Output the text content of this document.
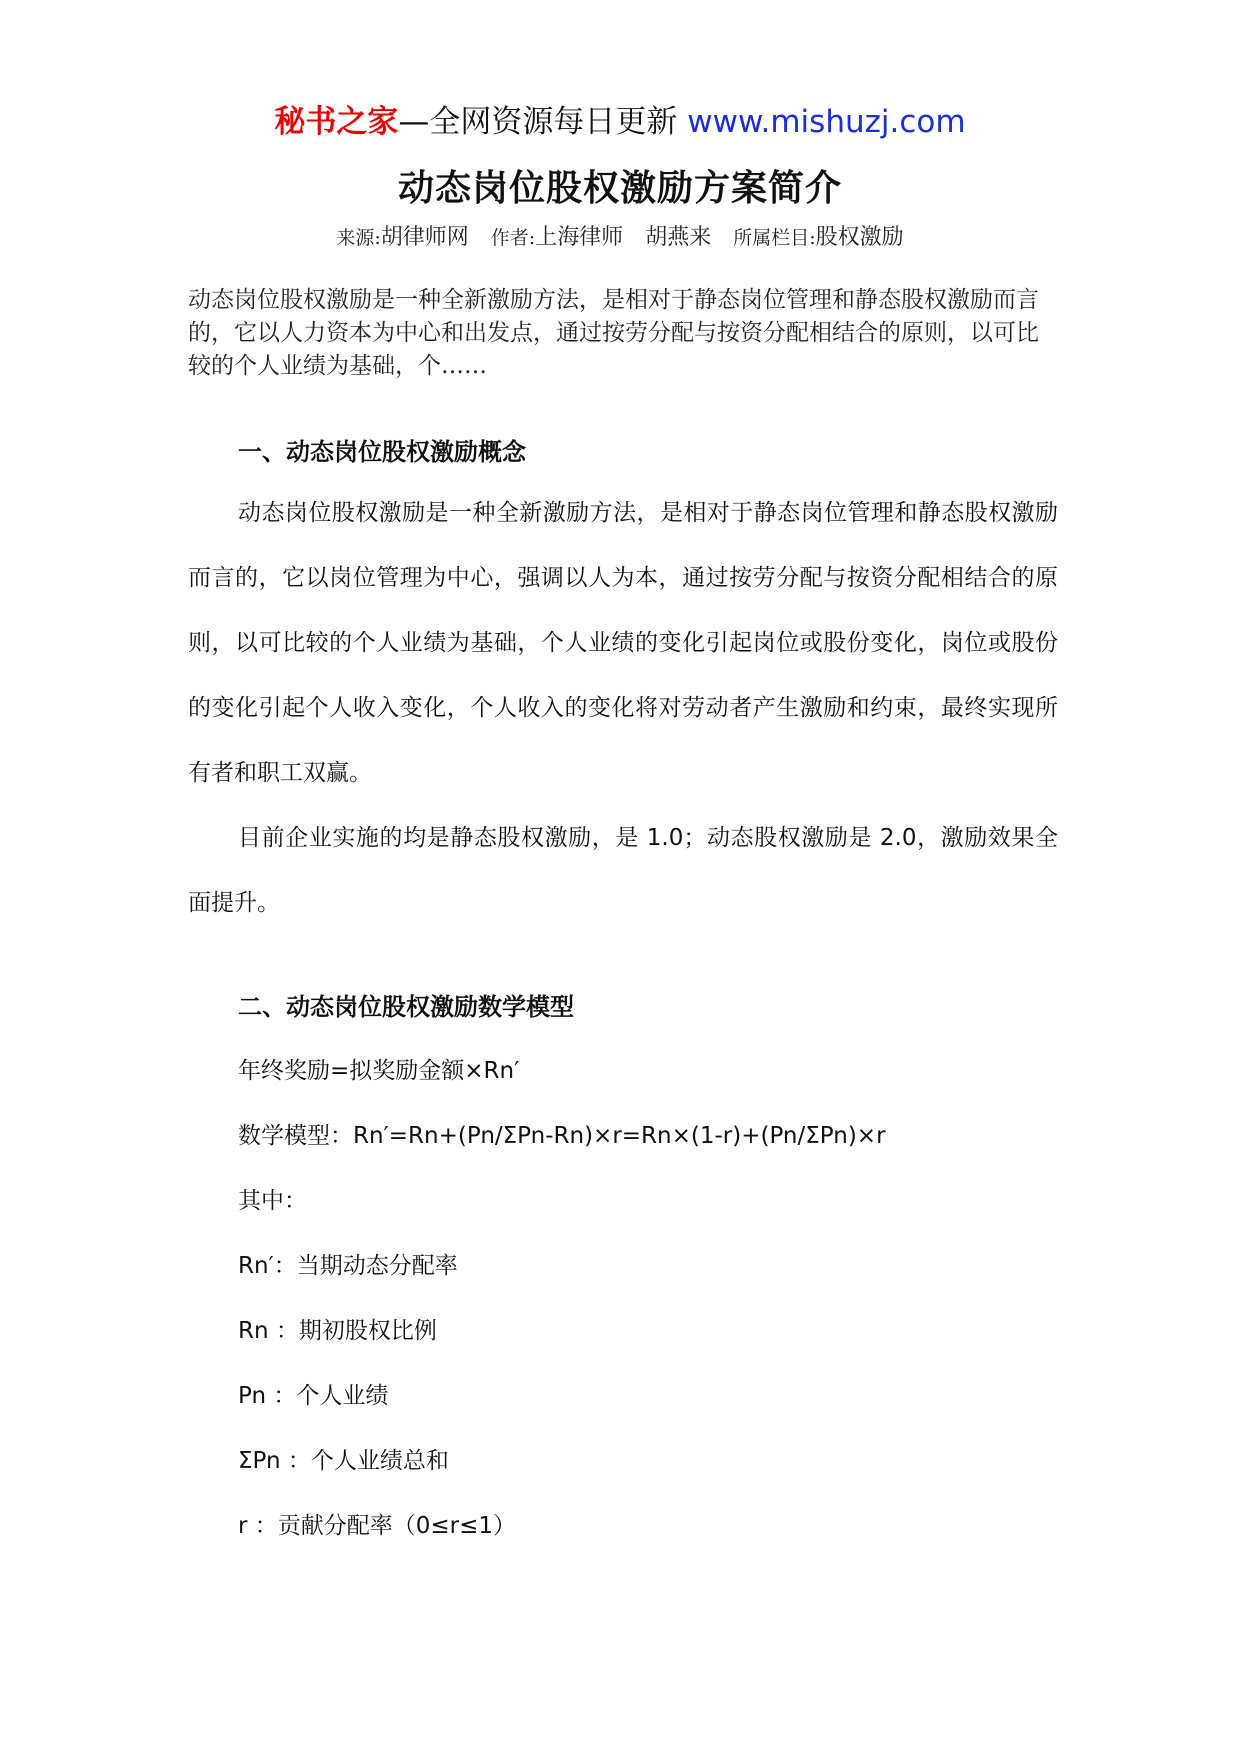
秘书之家—全网资源每日更新 www.mishuzj.com
动态岗位股权激励方案简介
来源:胡律师网 作者:上海律师　胡燕来 所属栏目:股权激励
动态岗位股权激励是一种全新激励方法，是相对于静态岗位管理和静态股权激励而言的，它以人力资本为中心和出发点，通过按劳分配与按资分配相结合的原则，以可比较的个人业绩为基础，个……
一、动态岗位股权激励概念
动态岗位股权激励是一种全新激励方法，是相对于静态岗位管理和静态股权激励而言的，它以岗位管理为中心，强调以人为本，通过按劳分配与按资分配相结合的原则，以可比较的个人业绩为基础，个人业绩的变化引起岗位或股份变化，岗位或股份的变化引起个人收入变化，个人收入的变化将对劳动者产生激励和约束，最终实现所有者和职工双赢。
目前企业实施的均是静态股权激励，是 1.0；动态股权激励是 2.0，激励效果全面提升。
二、动态岗位股权激励数学模型
年终奖励=拟奖励金额×Rn′
数学模型：Rn′=Rn+(Pn/ΣPn-Rn)×r=Rn×(1-r)+(Pn/ΣPn)×r
其中：
Rn′：当期动态分配率
Rn ：期初股权比例
Pn ：个人业绩
ΣPn ：个人业绩总和
r ：贡献分配率（0≤r≤1）
